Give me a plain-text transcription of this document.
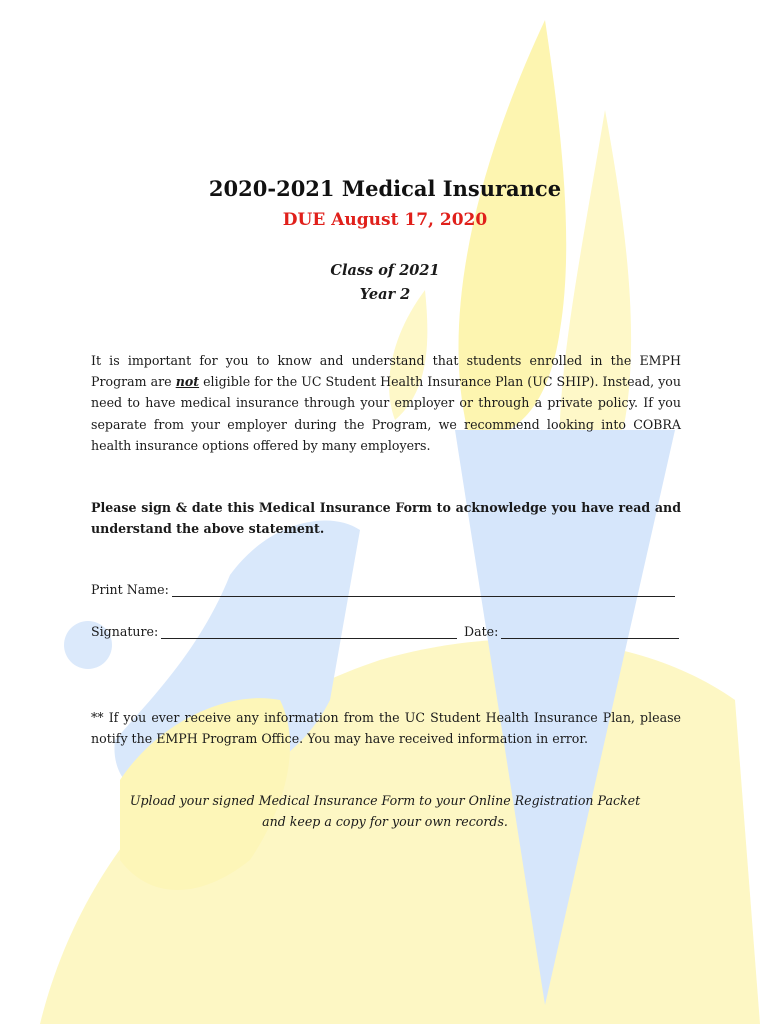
2020-2021 Medical Insurance
DUE August 17, 2020
Class of 2021
Year 2
It is important for you to know and understand that students enrolled in the EMPH Program are not eligible for the UC Student Health Insurance Plan (UC SHIP). Instead, you need to have medical insurance through your employer or through a private policy. If you separate from your employer during the Program, we recommend looking into COBRA health insurance options offered by many employers.
Please sign & date this Medical Insurance Form to acknowledge you have read and understand the above statement.
Print Name:
Signature:	Date:
** If you ever receive any information from the UC Student Health Insurance Plan, please notify the EMPH Program Office. You may have received information in error.
Upload your signed Medical Insurance Form to your Online Registration Packet
and keep a copy for your own records.
